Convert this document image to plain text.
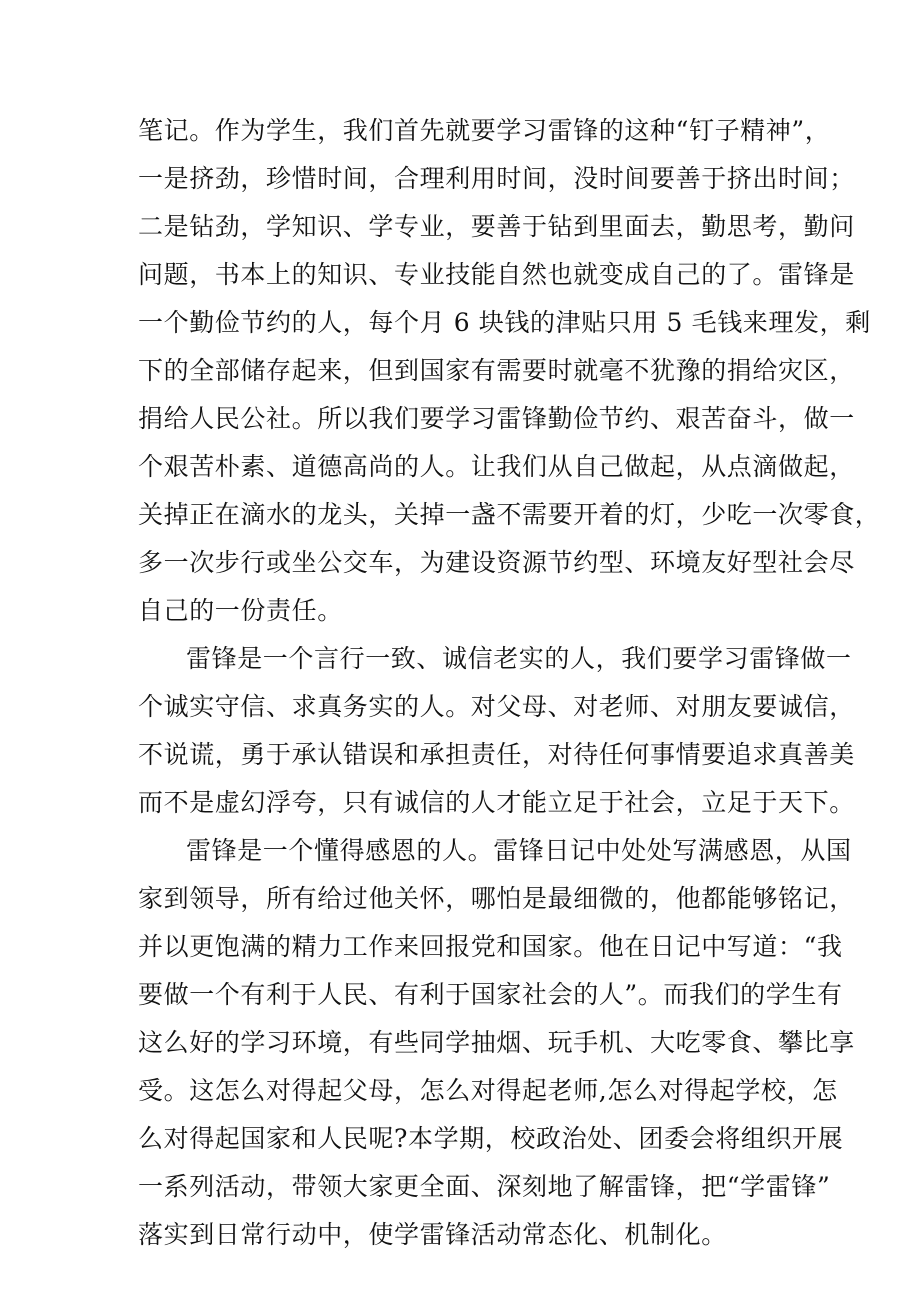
笔记。作为学生，我们首先就要学习雷锋的这种“钉子精神”，
一是挤劲，珍惜时间，合理利用时间，没时间要善于挤出时间；
二是钻劲，学知识、学专业，要善于钻到里面去，勤思考，勤问
问题，书本上的知识、专业技能自然也就变成自己的了。雷锋是
一个勤俭节约的人，每个月 6 块钱的津贴只用 5 毛钱来理发，剩
下的全部储存起来，但到国家有需要时就毫不犹豫的捐给灾区，
捐给人民公社。所以我们要学习雷锋勤俭节约、艰苦奋斗，做一
个艰苦朴素、道德高尚的人。让我们从自己做起，从点滴做起，
关掉正在滴水的龙头，关掉一盏不需要开着的灯，少吃一次零食，
多一次步行或坐公交车，为建设资源节约型、环境友好型社会尽
自己的一份责任。
雷锋是一个言行一致、诚信老实的人，我们要学习雷锋做一
个诚实守信、求真务实的人。对父母、对老师、对朋友要诚信，
不说谎，勇于承认错误和承担责任，对待任何事情要追求真善美
而不是虚幻浮夸，只有诚信的人才能立足于社会，立足于天下。
雷锋是一个懂得感恩的人。雷锋日记中处处写满感恩，从国
家到领导，所有给过他关怀，哪怕是最细微的，他都能够铭记，
并以更饱满的精力工作来回报党和国家。他在日记中写道：“我
要做一个有利于人民、有利于国家社会的人”。而我们的学生有
这么好的学习环境，有些同学抽烟、玩手机、大吃零食、攀比享
受。这怎么对得起父母，怎么对得起老师,怎么对得起学校，怎
么对得起国家和人民呢?本学期，校政治处、团委会将组织开展
一系列活动，带领大家更全面、深刻地了解雷锋，把“学雷锋”
落实到日常行动中，使学雷锋活动常态化、机制化。
